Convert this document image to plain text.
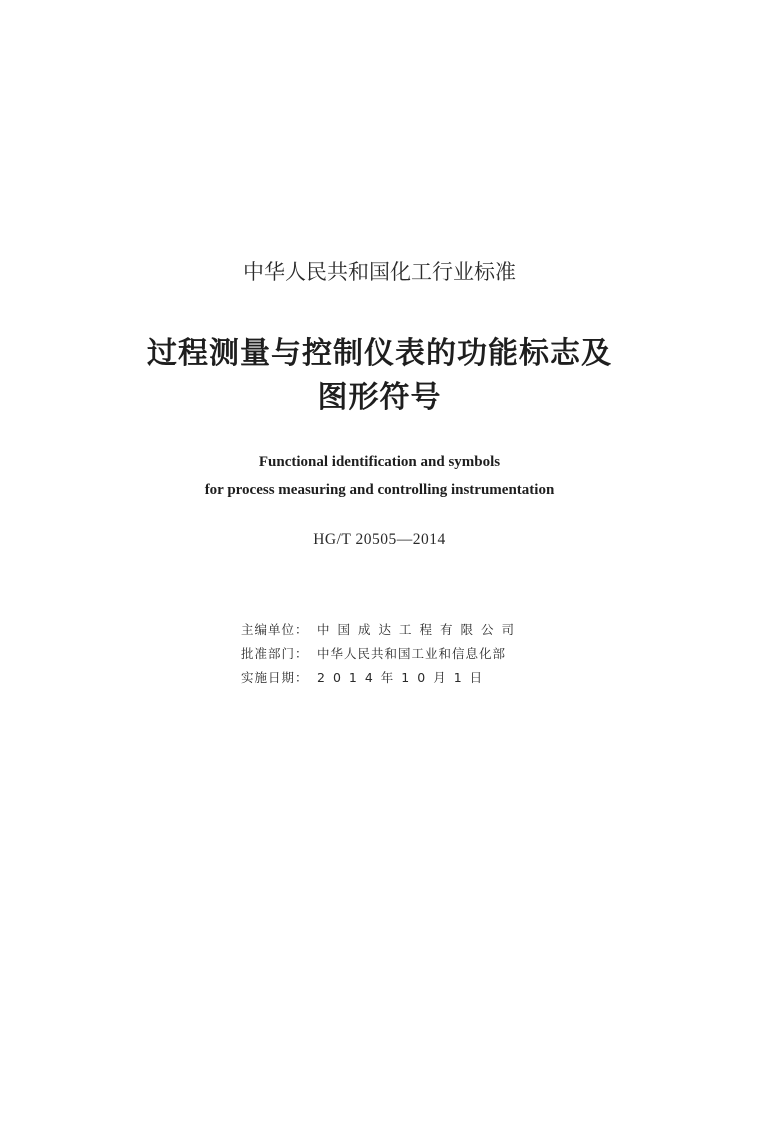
中华人民共和国化工行业标准
过程测量与控制仪表的功能标志及
图形符号
Functional identification and symbols
for process measuring and controlling instrumentation
HG/T 20505—2014
主编单位： 中国成达工程有限公司
批准部门： 中华人民共和国工业和信息化部
实施日期： 2014年10月1日
